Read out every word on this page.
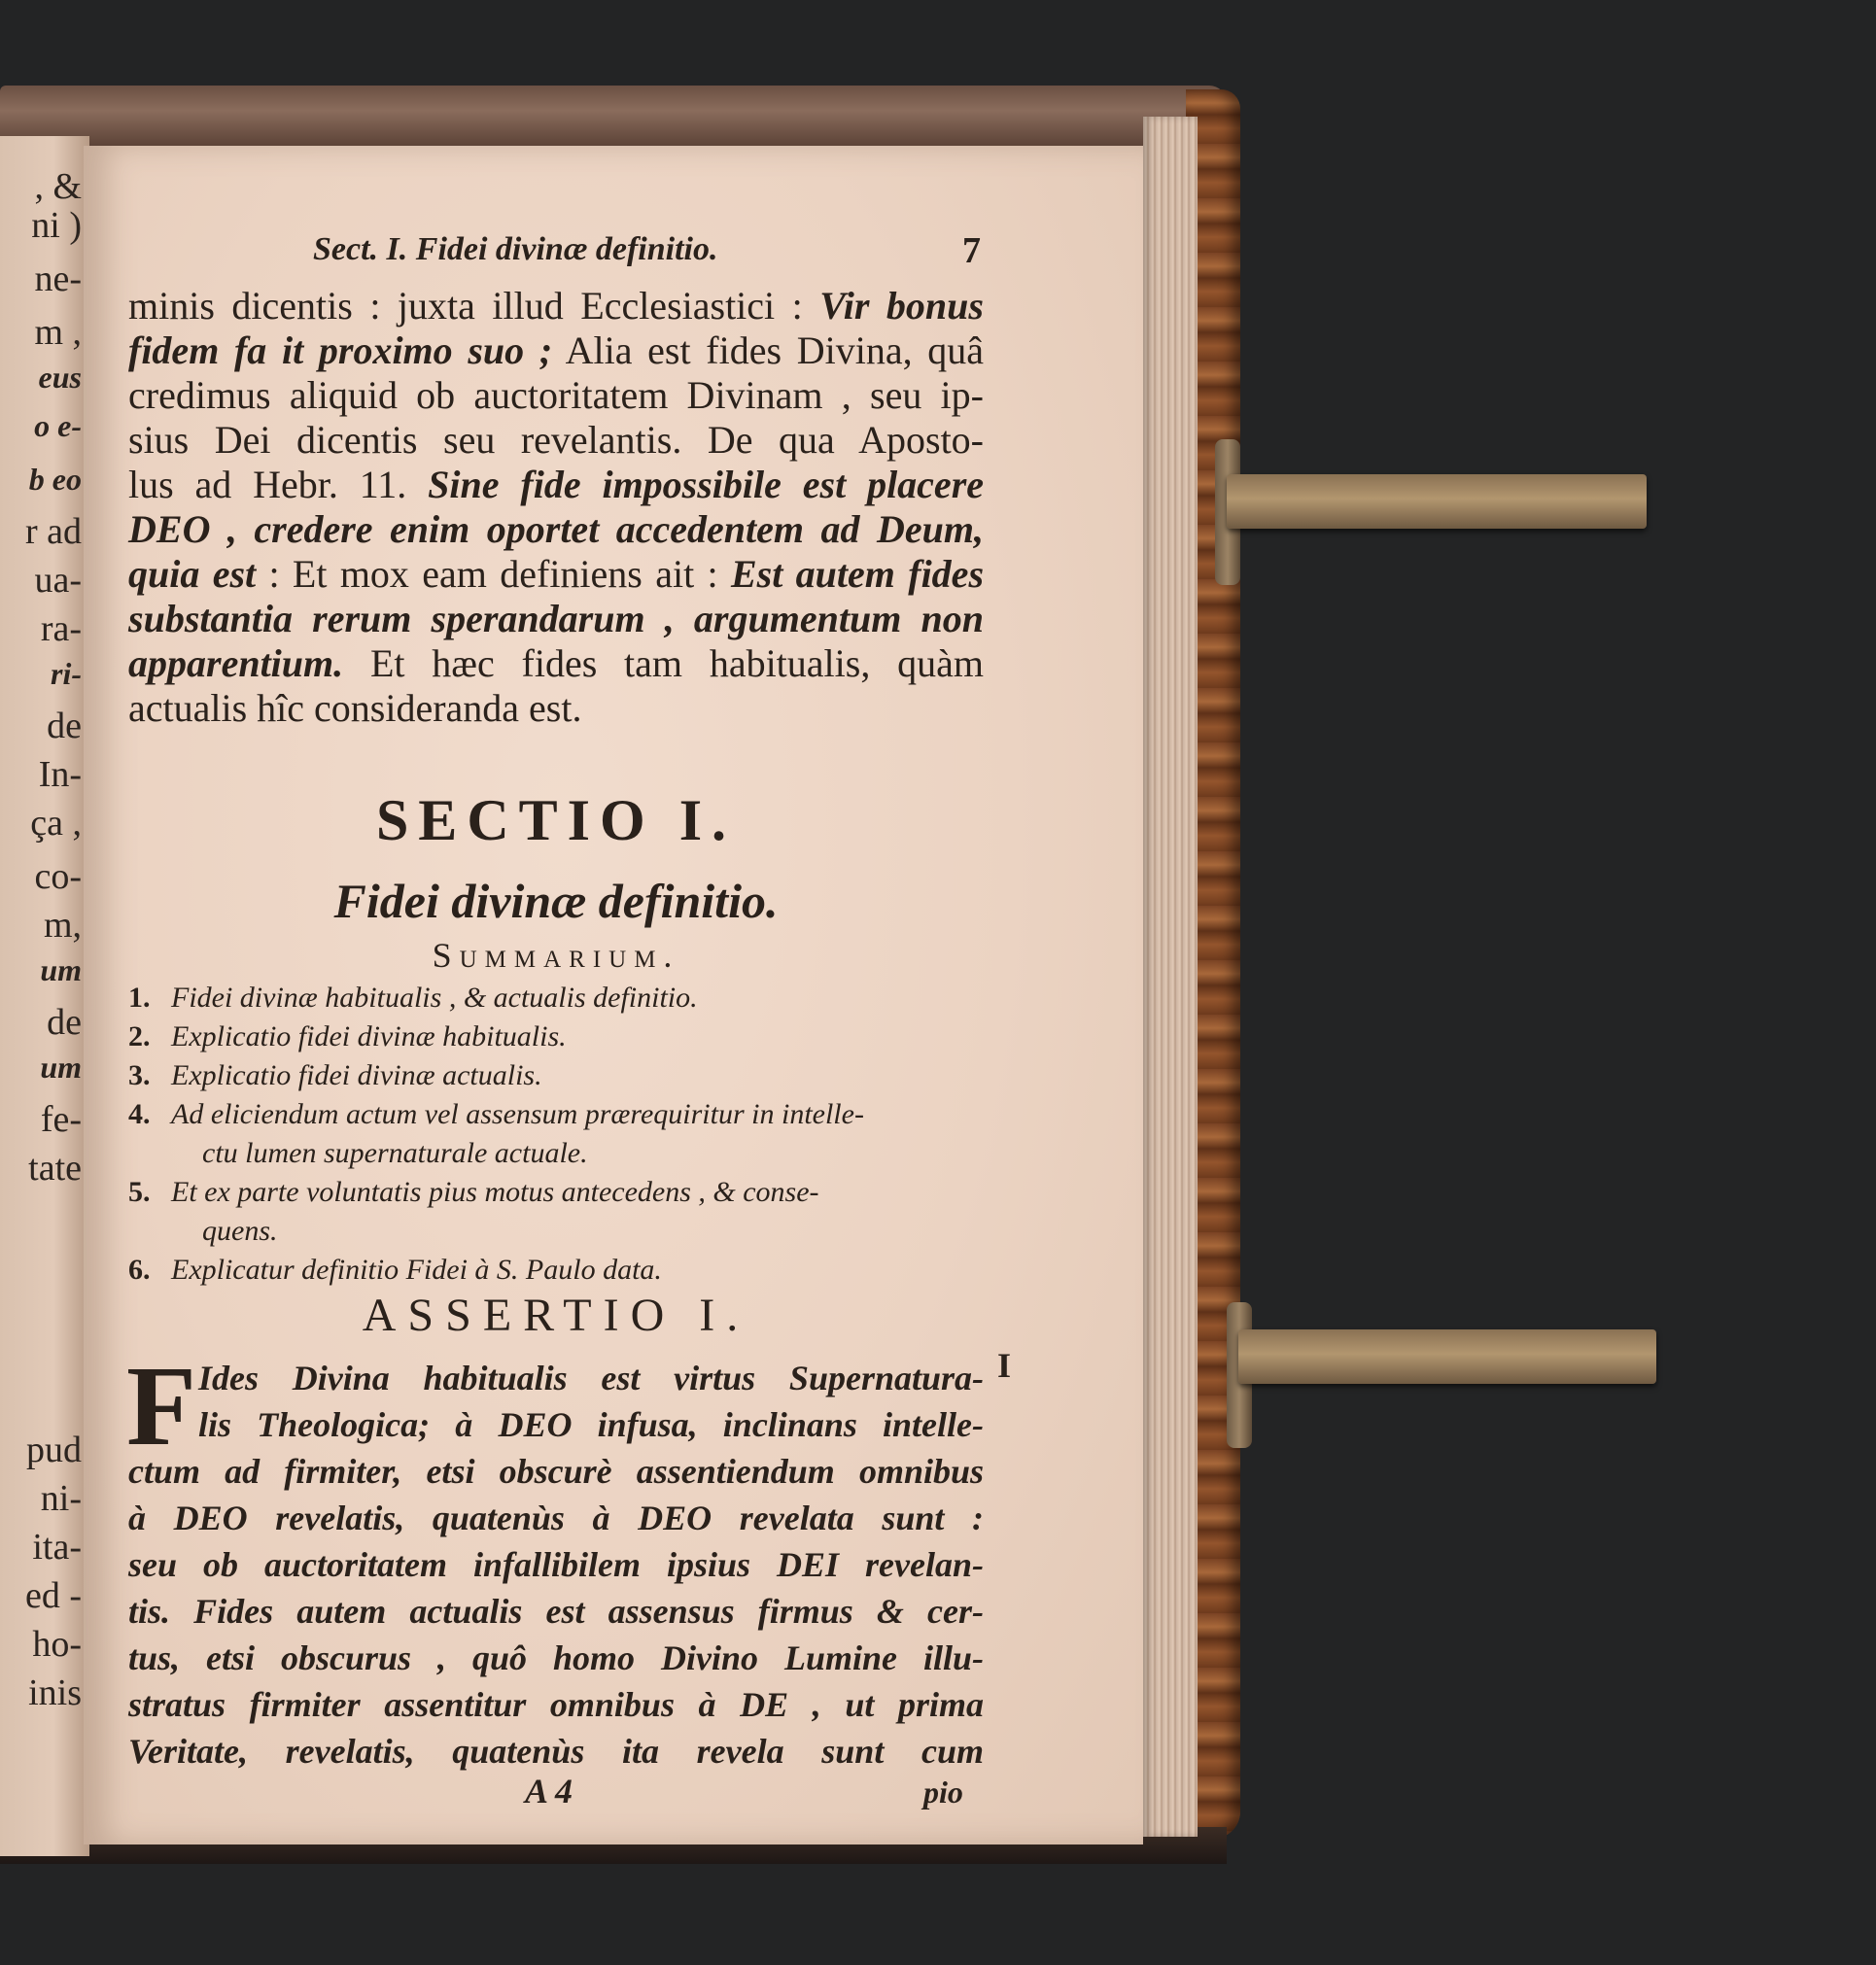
, &
ni )
ne-
m ,
eus
o e-
b eo
r ad
ua-
ra-
ri-
de
In-
ça ,
co-
m,
um
de
um
fe-
tate
pud
ni-
ita-
ed -
ho-
inis
Sect. I. Fidei divinæ definitio.	7
minis dicentis : juxta illud Ecclesiastici : Vir bonus
fidem fa it proximo suo ; Alia est fides Divina, quâ
credimus aliquid ob auctoritatem Divinam , seu ip-
sius Dei dicentis seu revelantis. De qua Aposto-
lus ad Hebr. 11. Sine fide impossibile est placere
DEO , credere enim oportet accedentem ad Deum,
quia est : Et mox eam definiens ait : Est autem fides
substantia rerum sperandarum , argumentum non
apparentium. Et hæc fides tam habitualis, quàm
actualis hîc consideranda est.
SECTIO I.
Fidei divinæ definitio.
Summarium.
1. Fidei divinæ habitualis , & actualis definitio.
2. Explicatio fidei divinæ habitualis.
3. Explicatio fidei divinæ actualis.
4. Ad eliciendum actum vel assensum prærequiritur in intelle-
ctu lumen supernaturale actuale.
5. Et ex parte voluntatis pius motus antecedens , & conse-
quens.
6. Explicatur definitio Fidei à S. Paulo data.
ASSERTIO I.
F	I
Ides Divina habitualis est virtus Supernatura-
lis Theologica; à DEO infusa, inclinans intelle-
ctum ad firmiter, etsi obscurè assentiendum omnibus
à DEO revelatis, quatenùs à DEO revelata sunt :
seu ob auctoritatem infallibilem ipsius DEI revelan-
tis. Fides autem actualis est assensus firmus & cer-
tus, etsi obscurus , quô homo Divino Lumine illu-
stratus firmiter assentitur omnibus à DE , ut prima
Veritate, revelatis, quatenùs ita revela sunt cum
A 4	pio
